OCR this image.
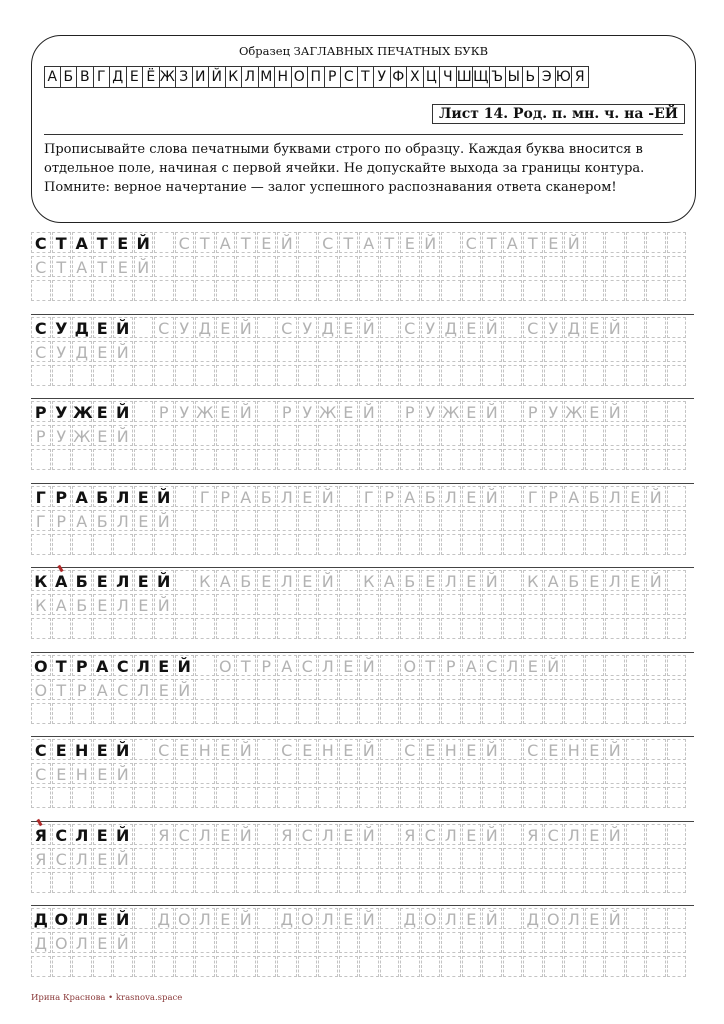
Образец ЗАГЛАВНЫХ ПЕЧАТНЫХ БУКВ
А Б В Г Д Е Ё Ж З И Й К Л М Н О П Р С Т У Ф Х Ц Ч Ш Щ Ъ Ы Ь Э Ю Я
Лист 14. Род. п. мн. ч. на -ЕЙ
Прописывайте слова печатными буквами строго по образцу. Каждая буква вносится в отдельное поле, начиная с первой ячейки. Не допускайте выхода за границы контура. Помните: верное начертание — залог успешного распознавания ответа сканером!
С Т А Т Е Й С Т А Т Е Й С Т А Т Е Й С Т А Т Е Й
С Т А Т Е Й
С У Д Е Й С У Д Е Й С У Д Е Й С У Д Е Й С У Д Е Й
С У Д Е Й
Р У Ж Е Й	Р У Ж Е Й	Р У Ж Е Й	Р У Ж Е Й	Р У Ж Е Й
Р У Ж Е Й
Г Р А Б Л Е Й	Г Р А Б Л Е Й	Г Р А Б Л Е Й	Г Р А Б Л Е Й
Г Р А Б Л Е Й
К А Б Е Л Е Й К А Б Е Л Е Й К А Б Е Л Е Й К А Б Е Л Е Й
К А Б Е Л Е Й
О Т Р А С Л Е Й О Т Р А С Л Е Й О Т Р А С Л Е Й
О Т Р А С Л Е Й
С Е Н Е Й С Е Н Е Й С Е Н Е Й С Е Н Е Й С Е Н Е Й
С Е Н Е Й
Я С Л Е Й Я С Л Е Й Я С Л Е Й Я С Л Е Й Я С Л Е Й
Я С Л Е Й
Д О Л Е Й Д О Л Е Й Д О Л Е Й Д О Л Е Й Д О Л Е Й
Д О Л Е Й
Ирина Краснова • krasnova.space
